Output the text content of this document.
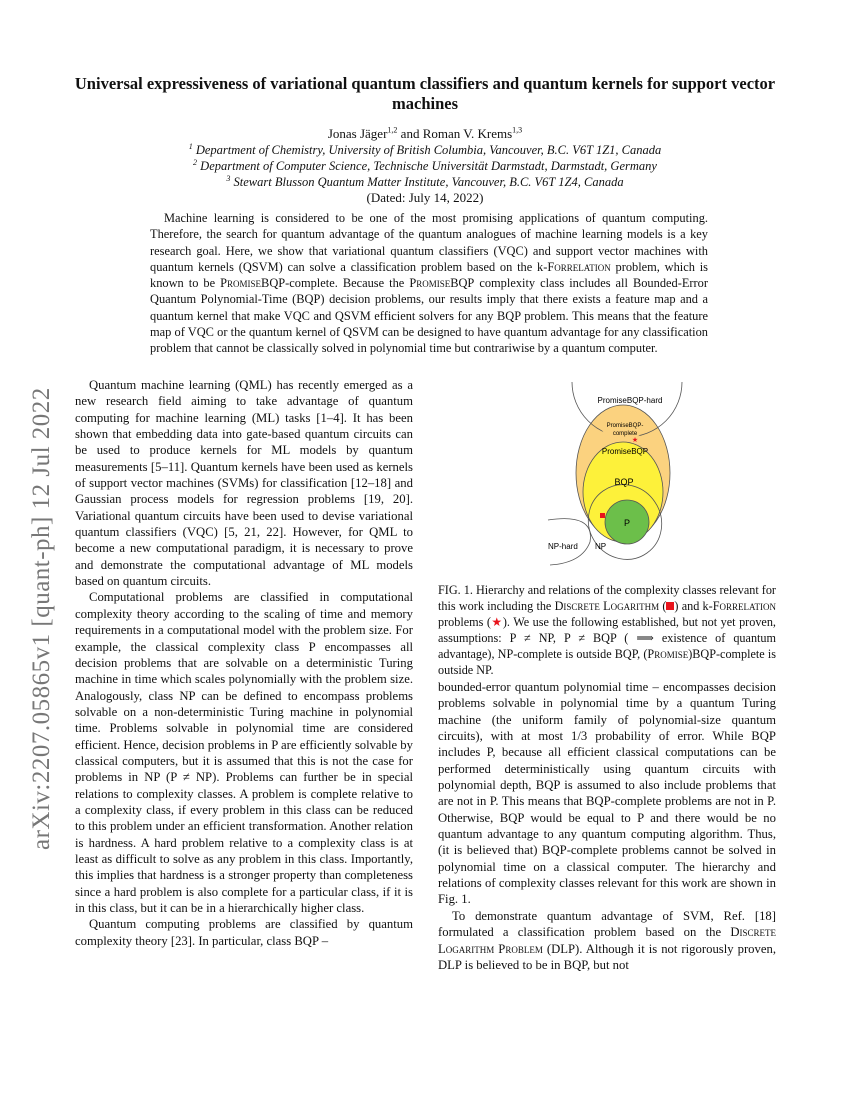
arXiv:2207.05865v1 [quant-ph] 12 Jul 2022
Universal expressiveness of variational quantum classifiers and quantum kernels for support vector machines
Jonas Jäger$^{1,2}$ and Roman V. Krems$^{1,3}$
$^1$ Department of Chemistry, University of British Columbia, Vancouver, B.C. V6T 1Z1, Canada
$^2$ Department of Computer Science, Technische Universität Darmstadt, Darmstadt, Germany
$^3$ Stewart Blusson Quantum Matter Institute, Vancouver, B.C. V6T 1Z4, Canada
(Dated: July 14, 2022)
Machine learning is considered to be one of the most promising applications of quantum computing. Therefore, the search for quantum advantage of the quantum analogues of machine learning models is a key research goal. Here, we show that variational quantum classifiers (VQC) and support vector machines with quantum kernels (QSVM) can solve a classification problem based on the k-Forrelation problem, which is known to be PromiseBQP-complete. Because the PromiseBQP complexity class includes all Bounded-Error Quantum Polynomial-Time (BQP) decision problems, our results imply that there exists a feature map and a quantum kernel that make VQC and QSVM efficient solvers for any BQP problem. This means that the feature map of VQC or the quantum kernel of QSVM can be designed to have quantum advantage for any classification problem that cannot be classically solved in polynomial time but contrariwise by a quantum computer.

Quantum machine learning (QML) has recently emerged as a new research field aiming to take advantage of quantum computing for machine learning (ML) tasks [1–4]. It has been shown that embedding data into gate-based quantum circuits can be used to produce kernels for ML models by quantum measurements [5–11]. Quantum kernels have been used as kernels of support vector machines (SVMs) for classification [12–18] and Gaussian process models for regression problems [19, 20]. Variational quantum circuits have been used to devise variational quantum classifiers (VQC) [5, 21, 22]. However, for QML to become a new computational paradigm, it is necessary to prove and demonstrate the computational advantage of ML models based on quantum circuits.

Computational problems are classified in computational complexity theory according to the scaling of time and memory requirements in a computational model with the problem size. For example, the classical complexity class P encompasses all decision problems that are solvable on a deterministic Turing machine in time which scales polynomially with the problem size. Analogously, class NP can be defined to encompass problems solvable on a non-deterministic Turing machine in polynomial time. Problems solvable in polynomial time are considered efficient. Hence, decision problems in P are efficiently solvable by classical computers, but it is assumed that this is not the case for problems in NP (P ≠ NP). Problems can further be in special relations to complexity classes. A problem is complete relative to a complexity class, if every problem in this class can be reduced to this problem under an efficient transformation. Another relation is hardness. A hard problem relative to a complexity class is at least as difficult to solve as any problem in this class. Importantly, this implies that hardness is a stronger property than completeness since a hard problem is also complete for a particular class, if it is in this class, but it can be in a hierarchically higher class.

Quantum computing problems are classified by quantum complexity theory [23]. In particular, class BQP –

★
PromiseBQP-hard
PromiseBQP-
complete
PromiseBQP
BQP
P
NP-hard NP
FIG. 1. Hierarchy and relations of the complexity classes relevant for this work including the Discrete Logarithm ( ) and k-Forrelation problems (★). We use the following established, but not yet proven, assumptions: P ≠ NP, P ≠ BQP ( ⟹ existence of quantum advantage), NP-complete is outside BQP, (Promise)BQP-complete is outside NP.

bounded-error quantum polynomial time – encompasses decision problems solvable in polynomial time by a quantum Turing machine (the uniform family of polynomial-size quantum circuits), with at most 1/3 probability of error. While BQP includes P, because all efficient classical computations can be performed deterministically using quantum circuits with polynomial depth, BQP is assumed to also include problems that are not in P. This means that BQP-complete problems are not in P. Otherwise, BQP would be equal to P and there would be no quantum advantage to any quantum computing algorithm. Thus, (it is believed that) BQP-complete problems cannot be solved in polynomial time on a classical computer. The hierarchy and relations of complexity classes relevant for this work are shown in Fig. 1.

To demonstrate quantum advantage of SVM, Ref. [18] formulated a classification problem based on the Discrete Logarithm Problem (DLP). Although it is not rigorously proven, DLP is believed to be in BQP, but not
